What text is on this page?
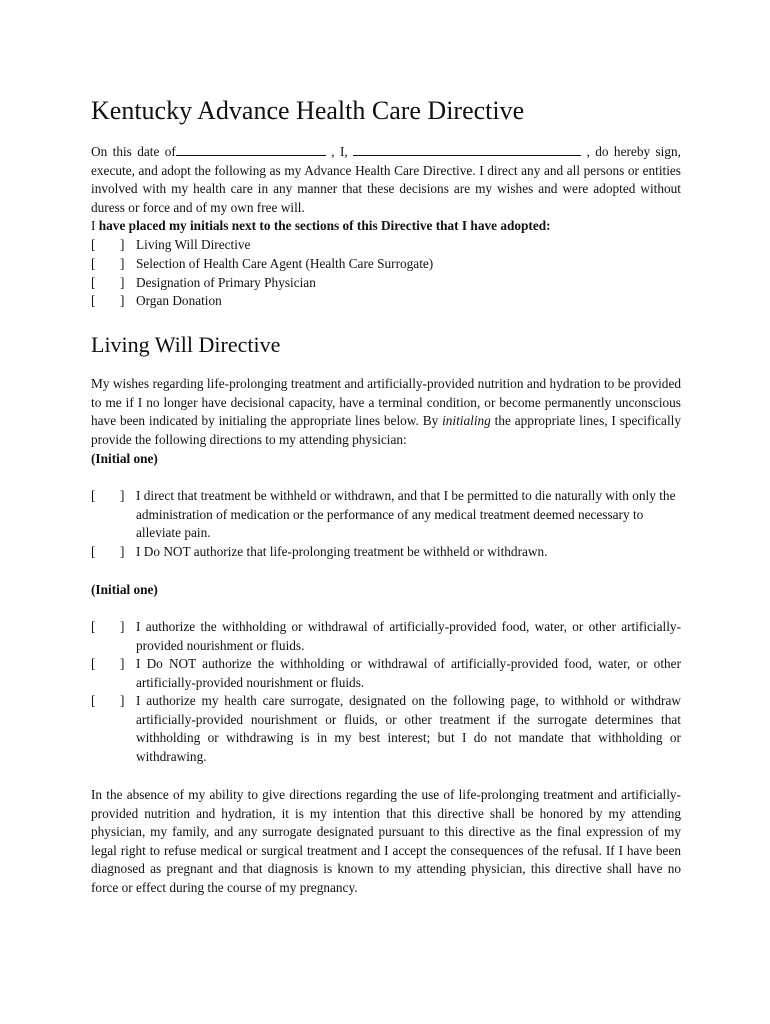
Kentucky Advance Health Care Directive
On this date of	, I,	, do hereby sign, execute, and adopt the following as my Advance Health Care Directive. I direct any and all persons or entities involved with my health care in any manner that these decisions are my wishes and were adopted without duress or force and of my own free will.
I have placed my initials next to the sections of this Directive that I have adopted:
[ ] Living Will Directive
[ ] Selection of Health Care Agent (Health Care Surrogate)
[ ] Designation of Primary Physician
[ ] Organ Donation
Living Will Directive
My wishes regarding life-prolonging treatment and artificially-provided nutrition and hydration to be provided to me if I no longer have decisional capacity, have a terminal condition, or become permanently unconscious have been indicated by initialing the appropriate lines below. By initialing the appropriate lines, I specifically provide the following directions to my attending physician:
(Initial one)
[ ] I direct that treatment be withheld or withdrawn, and that I be permitted to die naturally with only the administration of medication or the performance of any medical treatment deemed necessary to alleviate pain.
[ ] I Do NOT authorize that life-prolonging treatment be withheld or withdrawn.
(Initial one)
[ ] I authorize the withholding or withdrawal of artificially-provided food, water, or other artificially-provided nourishment or fluids.
[ ] I Do NOT authorize the withholding or withdrawal of artificially-provided food, water, or other artificially-provided nourishment or fluids.
[ ] I authorize my health care surrogate, designated on the following page, to withhold or withdraw artificially-provided nourishment or fluids, or other treatment if the surrogate determines that withholding or withdrawing is in my best interest; but I do not mandate that withholding or withdrawing.
In the absence of my ability to give directions regarding the use of life-prolonging treatment and artificially-provided nutrition and hydration, it is my intention that this directive shall be honored by my attending physician, my family, and any surrogate designated pursuant to this directive as the final expression of my legal right to refuse medical or surgical treatment and I accept the consequences of the refusal. If I have been diagnosed as pregnant and that diagnosis is known to my attending physician, this directive shall have no force or effect during the course of my pregnancy.
